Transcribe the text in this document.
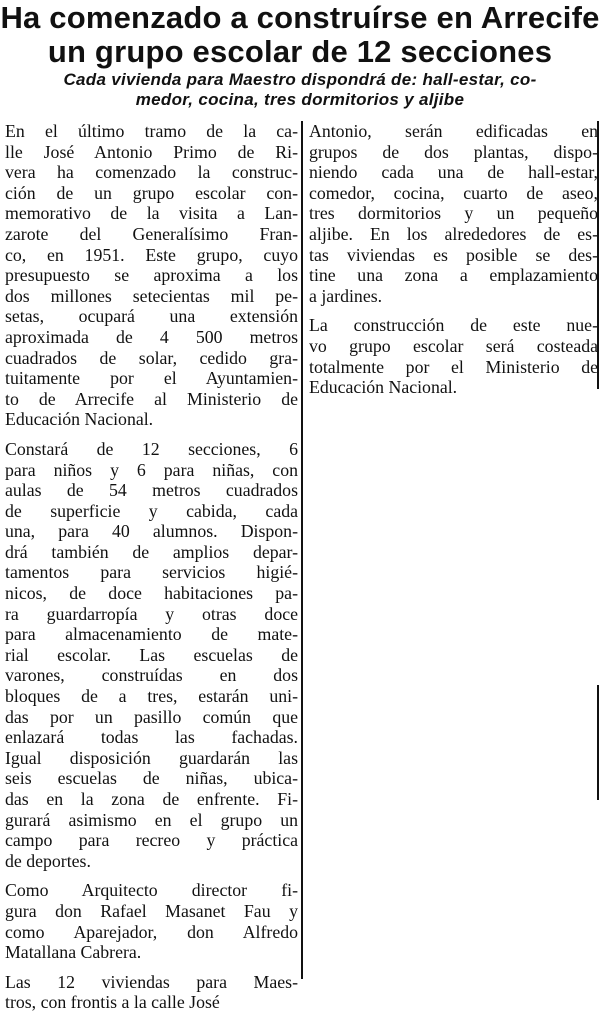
Ha comenzado a construírse en Arrecife
un grupo escolar de 12 secciones
Cada vivienda para Maestro dispondrá de: hall-estar, co-
medor, cocina, tres dormitorios y aljibe
En el último tramo de la ca-
lle José Antonio Primo de Ri-
vera ha comenzado la construc-
ción de un grupo escolar con-
memorativo de la visita a Lan-
zarote del Generalísimo Fran-
co, en 1951. Este grupo, cuyo
presupuesto se aproxima a los
dos millones setecientas mil pe-
setas, ocupará una extensión
aproximada de 4 500 metros
cuadrados de solar, cedido gra-
tuitamente por el Ayuntamien-
to de Arrecife al Ministerio de
Educación Nacional.
Constará de 12 secciones, 6
para niños y 6 para niñas, con
aulas de 54 metros cuadrados
de superficie y cabida, cada
una, para 40 alumnos. Dispon-
drá también de amplios depar-
tamentos para servicios higié-
nicos, de doce habitaciones pa-
ra guardarropía y otras doce
para almacenamiento de mate-
rial escolar. Las escuelas de
varones, construídas en dos
bloques de a tres, estarán uni-
das por un pasillo común que
enlazará todas las fachadas.
Igual disposición guardarán las
seis escuelas de niñas, ubica-
das en la zona de enfrente. Fi-
gurará asimismo en el grupo un
campo para recreo y práctica
de deportes.
Como Arquitecto director fi-
gura don Rafael Masanet Fau y
como Aparejador, don Alfredo
Matallana Cabrera.
Las 12 viviendas para Maes-
tros, con frontis a la calle José
Antonio, serán edificadas en
grupos de dos plantas, dispo-
niendo cada una de hall-estar,
comedor, cocina, cuarto de aseo,
tres dormitorios y un pequeño
aljibe. En los alrededores de es-
tas viviendas es posible se des-
tine una zona a emplazamiento
a jardines.
La construcción de este nue-
vo grupo escolar será costeada
totalmente por el Ministerio de
Educación Nacional.
